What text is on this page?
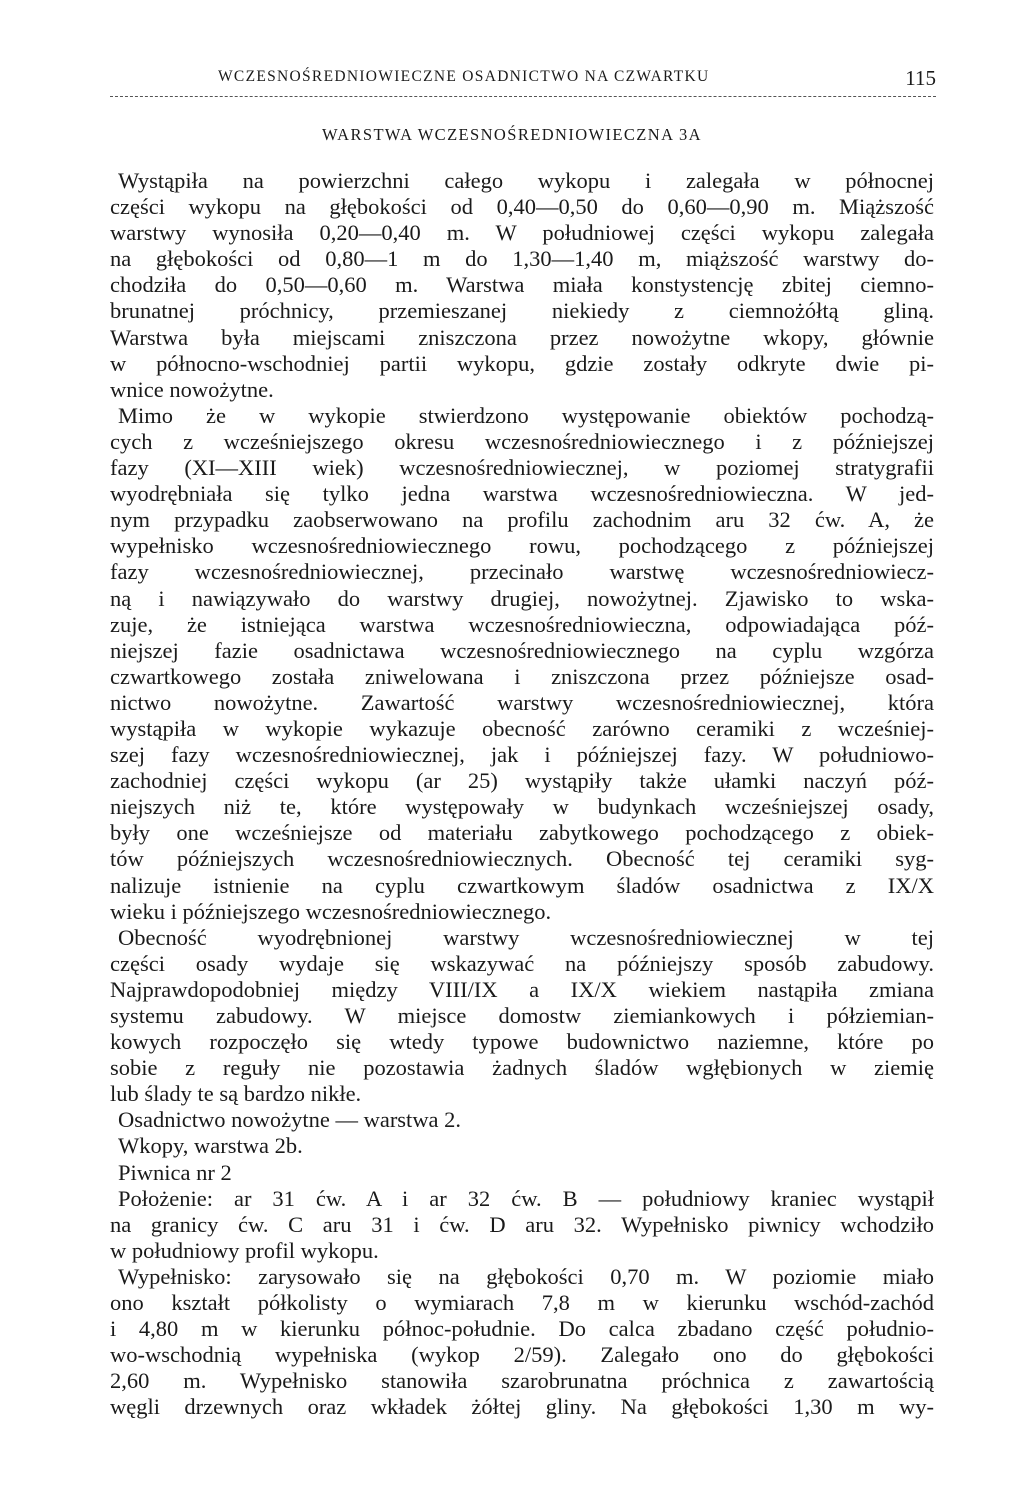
WCZESNOŚREDNIOWIECZNE OSADNICTWO NA CZWARTKU	115
WARSTWA WCZESNOŚREDNIOWIECZNA 3A
Wystąpiła na powierzchni całego wykopu i zalegała w północnej
części wykopu na głębokości od 0,40—0,50 do 0,60—0,90 m. Miąższość
warstwy wynosiła 0,20—0,40 m. W południowej części wykopu zalegała
na głębokości od 0,80—1 m do 1,30—1,40 m, miąższość warstwy do-
chodziła do 0,50—0,60 m. Warstwa miała konstystencję zbitej ciemno-
brunatnej próchnicy, przemieszanej niekiedy z ciemnożółtą gliną.
Warstwa była miejscami zniszczona przez nowożytne wkopy, głównie
w północno-wschodniej partii wykopu, gdzie zostały odkryte dwie pi-
wnice nowożytne.
Mimo że w wykopie stwierdzono występowanie obiektów pochodzą-
cych z wcześniejszego okresu wczesnośredniowiecznego i z późniejszej
fazy (XI—XIII wiek) wczesnośredniowiecznej, w poziomej stratygrafii
wyodrębniała się tylko jedna warstwa wczesnośredniowieczna. W jed-
nym przypadku zaobserwowano na profilu zachodnim aru 32 ćw. A, że
wypełnisko wczesnośredniowiecznego rowu, pochodzącego z późniejszej
fazy wczesnośredniowiecznej, przecinało warstwę wczesnośredniowiecz-
ną i nawiązywało do warstwy drugiej, nowożytnej. Zjawisko to wska-
zuje, że istniejąca warstwa wczesnośredniowieczna, odpowiadająca póź-
niejszej fazie osadnictawa wczesnośredniowiecznego na cyplu wzgórza
czwartkowego została zniwelowana i zniszczona przez późniejsze osad-
nictwo nowożytne. Zawartość warstwy wczesnośredniowiecznej, która
wystąpiła w wykopie wykazuje obecność zarówno ceramiki z wcześniej-
szej fazy wczesnośredniowiecznej, jak i późniejszej fazy. W południowo-
zachodniej części wykopu (ar 25) wystąpiły także ułamki naczyń póź-
niejszych niż te, które występowały w budynkach wcześniejszej osady,
były one wcześniejsze od materiału zabytkowego pochodzącego z obiek-
tów późniejszych wczesnośredniowiecznych. Obecność tej ceramiki syg-
nalizuje istnienie na cyplu czwartkowym śladów osadnictwa z IX/X
wieku i późniejszego wczesnośredniowiecznego.
Obecność wyodrębnionej warstwy wczesnośredniowiecznej w tej
części osady wydaje się wskazywać na późniejszy sposób zabudowy.
Najprawdopodobniej między VIII/IX a IX/X wiekiem nastąpiła zmiana
systemu zabudowy. W miejsce domostw ziemiankowych i półziemian-
kowych rozpoczęło się wtedy typowe budownictwo naziemne, które po
sobie z reguły nie pozostawia żadnych śladów wgłębionych w ziemię
lub ślady te są bardzo nikłe.
Osadnictwo nowożytne — warstwa 2.
Wkopy, warstwa 2b.
Piwnica nr 2
Położenie: ar 31 ćw. A i ar 32 ćw. B — południowy kraniec wystąpił
na granicy ćw. C aru 31 i ćw. D aru 32. Wypełnisko piwnicy wchodziło
w południowy profil wykopu.
Wypełnisko: zarysowało się na głębokości 0,70 m. W poziomie miało
ono kształt półkolisty o wymiarach 7,8 m w kierunku wschód-zachód
i 4,80 m w kierunku północ-południe. Do calca zbadano część południo-
wo-wschodnią wypełniska (wykop 2/59). Zalegało ono do głębokości
2,60 m. Wypełnisko stanowiła szarobrunatna próchnica z zawartością
węgli drzewnych oraz wkładek żółtej gliny. Na głębokości 1,30 m wy-
